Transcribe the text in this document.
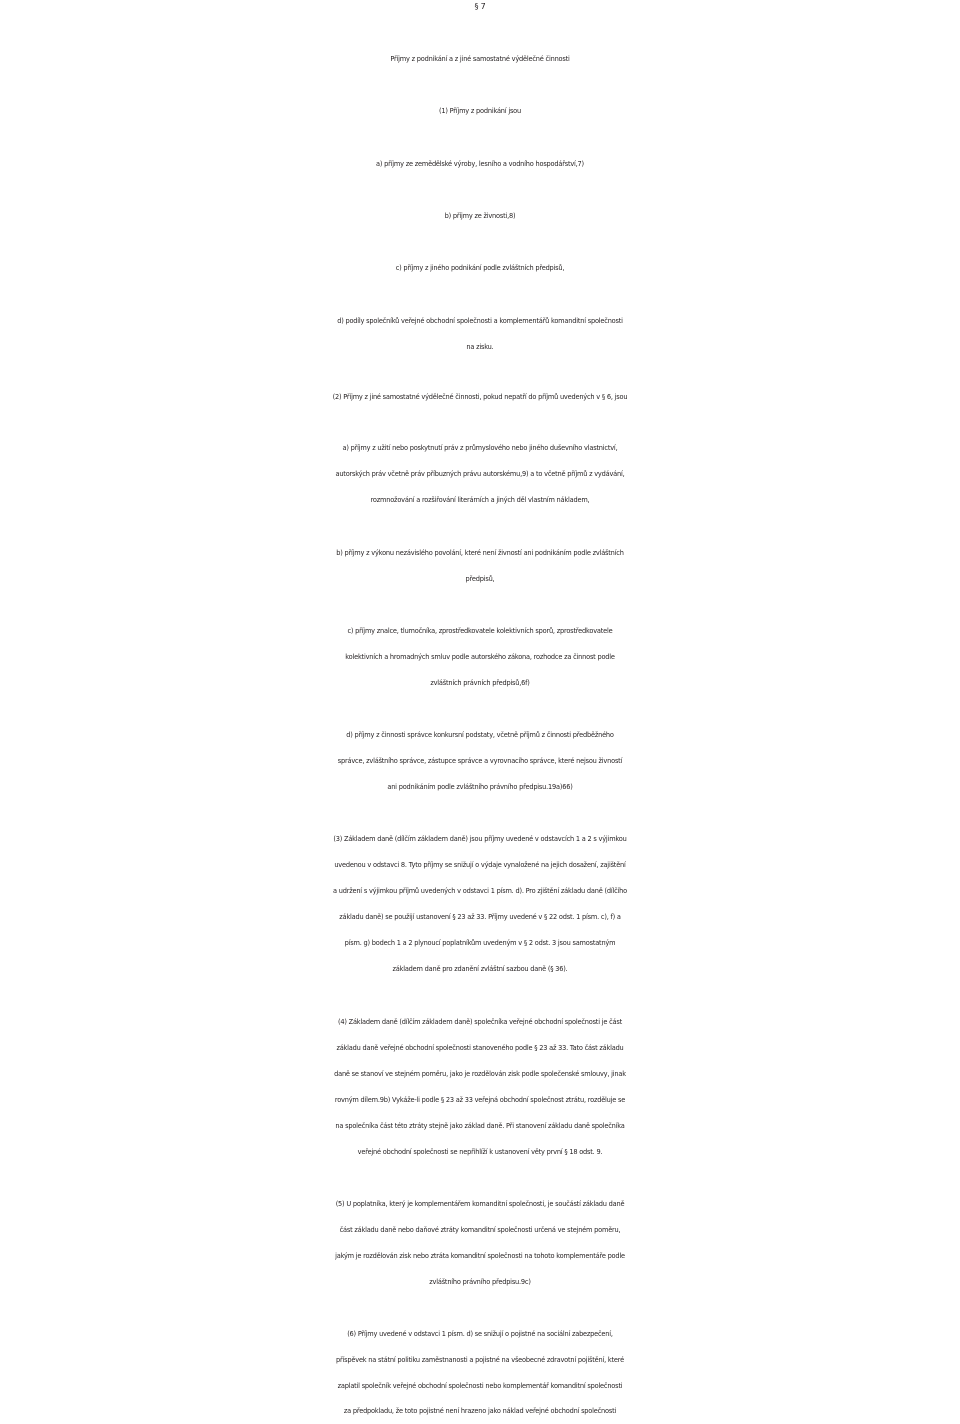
§ 7
Příjmy z podnikání a z jiné samostatné výdělečné činnosti
(1) Příjmy z podnikání jsou
a) příjmy ze zemědělské výroby, lesního a vodního hospodářství,7)
b) příjmy ze živnosti,8)
c) příjmy z jiného podnikání podle zvláštních předpisů,
d) podíly společníků veřejné obchodní společnosti a komplementářů komanditní společnosti
na zisku.
(2) Příjmy z jiné samostatné výdělečné činnosti, pokud nepatří do příjmů uvedených v § 6, jsou
a) příjmy z užití nebo poskytnutí práv z průmyslového nebo jiného duševního vlastnictví,
autorských práv včetně práv příbuzných právu autorskému,9) a to včetně příjmů z vydávání,
rozmnožování a rozšiřování literárních a jiných děl vlastním nákladem,
b) příjmy z výkonu nezávislého povolání, které není živností ani podnikáním podle zvláštních
předpisů,
c) příjmy znalce, tlumočníka, zprostředkovatele kolektivních sporů, zprostředkovatele
kolektivních a hromadných smluv podle autorského zákona, rozhodce za činnost podle
zvláštních právních předpisů,6f)
d) příjmy z činnosti správce konkursní podstaty, včetně příjmů z činnosti předběžného
správce, zvláštního správce, zástupce správce a vyrovnacího správce, které nejsou živností
ani podnikáním podle zvláštního právního předpisu.19a)66)
(3) Základem daně (dílčím základem daně) jsou příjmy uvedené v odstavcích 1 a 2 s výjimkou
uvedenou v odstavci 8. Tyto příjmy se snižují o výdaje vynaložené na jejich dosažení, zajištění
a udržení s výjimkou příjmů uvedených v odstavci 1 písm. d). Pro zjištění základu daně (dílčího
základu daně) se použijí ustanovení § 23 až 33. Příjmy uvedené v § 22 odst. 1 písm. c), f) a
písm. g) bodech 1 a 2 plynoucí poplatníkům uvedeným v § 2 odst. 3 jsou samostatným
základem daně pro zdanění zvláštní sazbou daně (§ 36).
(4) Základem daně (dílčím základem daně) společníka veřejné obchodní společnosti je část
základu daně veřejné obchodní společnosti stanoveného podle § 23 až 33. Tato část základu
daně se stanoví ve stejném poměru, jako je rozdělován zisk podle společenské smlouvy, jinak
rovným dílem.9b) Vykáže-li podle § 23 až 33 veřejná obchodní společnost ztrátu, rozděluje se
na společníka část této ztráty stejně jako základ daně. Při stanovení základu daně společníka
veřejné obchodní společnosti se nepřihlíží k ustanovení věty první § 18 odst. 9.
(5) U poplatníka, který je komplementářem komanditní společnosti, je součástí základu daně
část základu daně nebo daňové ztráty komanditní společnosti určená ve stejném poměru,
jakým je rozdělován zisk nebo ztráta komanditní společnosti na tohoto komplementáře podle
zvláštního právního předpisu.9c)
(6) Příjmy uvedené v odstavci 1 písm. d) se snižují o pojistné na sociální zabezpečení,
příspěvek na státní politiku zaměstnanosti a pojistné na všeobecné zdravotní pojištění, které
zaplatil společník veřejné obchodní společnosti nebo komplementář komanditní společnosti
za předpokladu, že toto pojistné není hrazeno jako náklad veřejné obchodní společnosti
